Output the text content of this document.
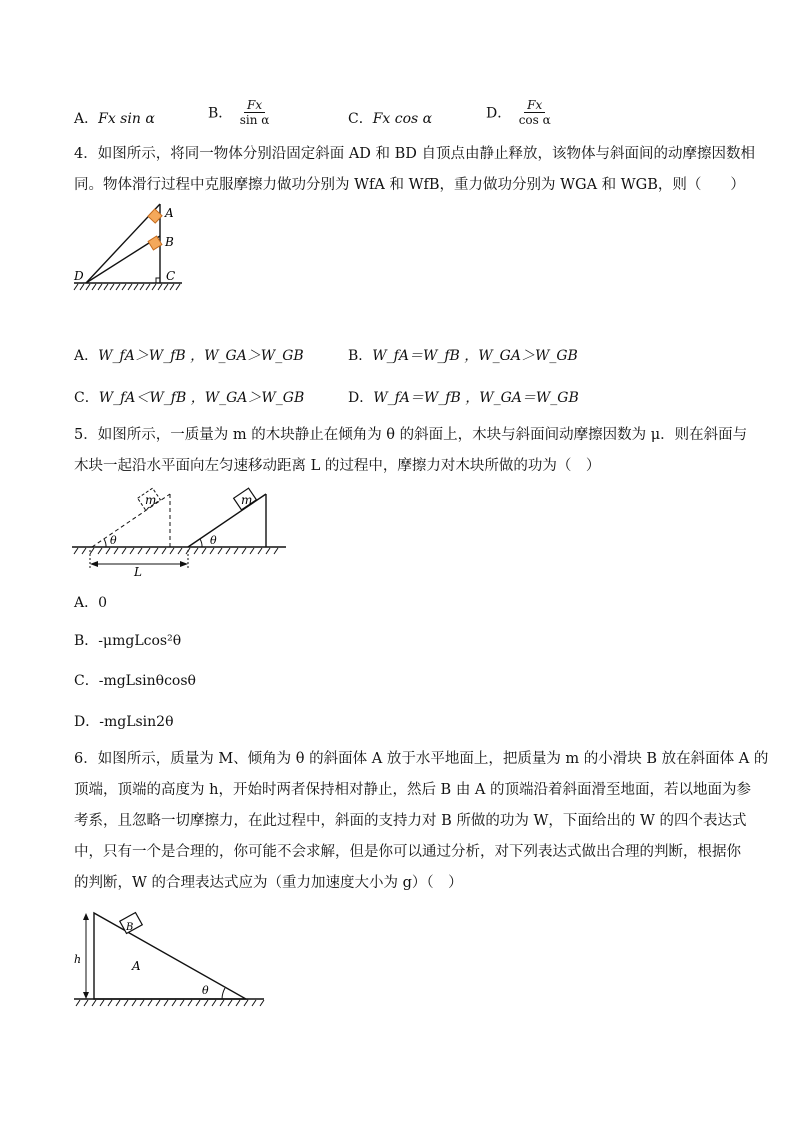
A．Fx sin α	B． $\frac{Fx}{\text{sin α}}$	C．Fx cos α	D． $\frac{Fx}{\text{cos α}}$
4．如图所示，将同一物体分别沿固定斜面 AD 和 BD 自顶点由静止释放，该物体与斜面间的动摩擦因数相
同。物体滑行过程中克服摩擦力做功分别为 WfA 和 WfB，重力做功分别为 WGA 和 WGB，则（　　）
A
B
C
D
A．W_fA＞W_fB ，W_GA＞W_GB	B．W_fA＝W_fB ，W_GA＞W_GB
C．W_fA＜W_fB ，W_GA＞W_GB	D．W_fA＝W_fB ，W_GA＝W_GB
5．如图所示，一质量为 m 的木块静止在倾角为 θ 的斜面上，木块与斜面间动摩擦因数为 μ．则在斜面与
木块一起沿水平面向左匀速移动距离 L 的过程中，摩擦力对木块所做的功为（　）
m
θ
m
θ
L
A．0
B．-μmgLcos²θ
C．-mgLsinθcosθ
D．-mgLsin2θ
6．如图所示，质量为 M、倾角为 θ 的斜面体 A 放于水平地面上，把质量为 m 的小滑块 B 放在斜面体 A 的
顶端，顶端的高度为 h，开始时两者保持相对静止，然后 B 由 A 的顶端沿着斜面滑至地面，若以地面为参
考系，且忽略一切摩擦力，在此过程中，斜面的支持力对 B 所做的功为 W，下面给出的 W 的四个表达式
中，只有一个是合理的，你可能不会求解，但是你可以通过分析，对下列表达式做出合理的判断，根据你
的判断，W 的合理表达式应为（重力加速度大小为 g）（　）
h
B
A
θ
